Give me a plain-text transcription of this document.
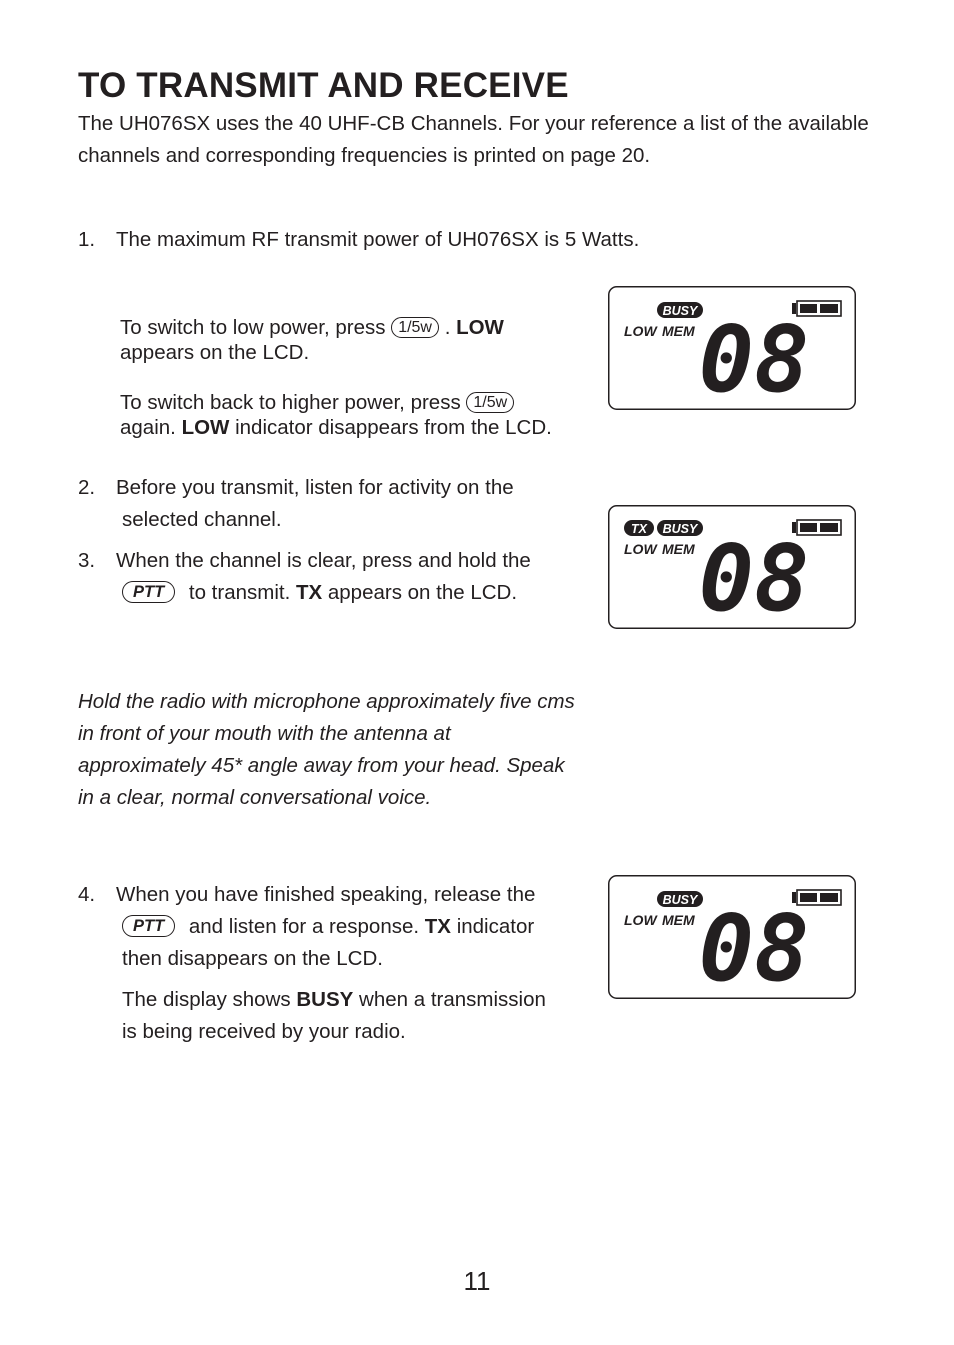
TO TRANSMIT AND RECEIVE

The UH076SX uses the 40 UHF-CB Channels. For your reference a list of the available channels and corresponding frequencies is printed on page 20.

1. The maximum RF transmit power of UH076SX is 5 Watts.
To switch to low power, press 1/5w . LOW
appears on the LCD.
To switch back to higher power, press 1/5w
again. LOW indicator disappears from the LCD.
2. Before you transmit, listen for activity on the
selected channel.
3. When the channel is clear, press and hold the
PTT to transmit. TX appears on the LCD.

Hold the radio with microphone approximately five cms in front of your mouth with the antenna at approximately 45* angle away from your head. Speak in a clear, normal conversational voice.

4. When you have finished speaking, release the
PTT and listen for a response. TX indicator
then disappears on the LCD.
The display shows BUSY when a transmission
is being received by your radio.
BUSY
LOW MEM 08
TX BUSY
LOW MEM 08
BUSY
LOW MEM 08

11
